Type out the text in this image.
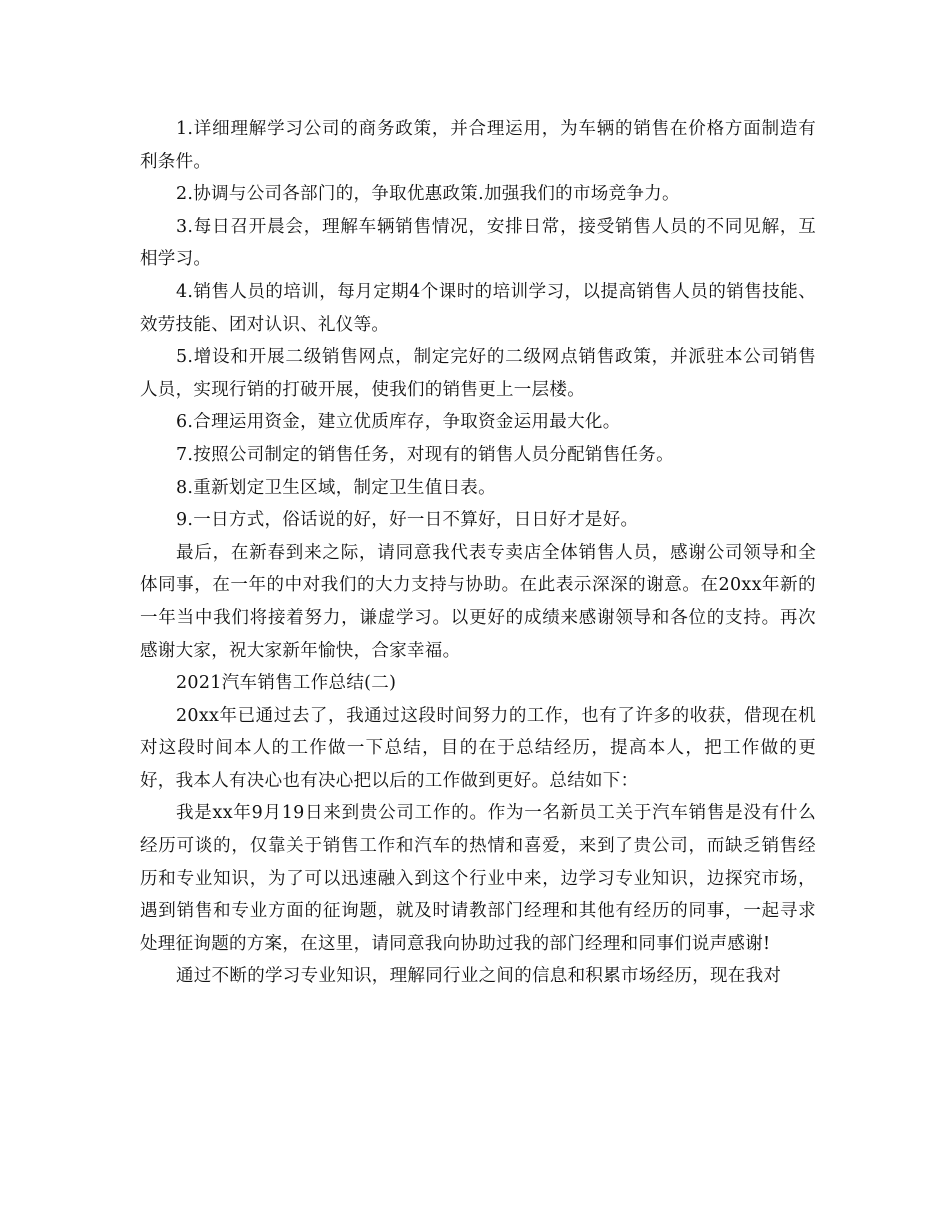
1.详细理解学习公司的商务政策，并合理运用，为车辆的销售在价格方面制造有利条件。

2.协调与公司各部门的，争取优惠政策.加强我们的市场竞争力。

3.每日召开晨会，理解车辆销售情况，安排日常，接受销售人员的不同见解，互相学习。

4.销售人员的培训，每月定期4个课时的培训学习，以提高销售人员的销售技能、效劳技能、团对认识、礼仪等。

5.增设和开展二级销售网点，制定完好的二级网点销售政策，并派驻本公司销售人员，实现行销的打破开展，使我们的销售更上一层楼。

6.合理运用资金，建立优质库存，争取资金运用最大化。

7.按照公司制定的销售任务，对现有的销售人员分配销售任务。

8.重新划定卫生区域，制定卫生值日表。

9.一日方式，俗话说的好，好一日不算好，日日好才是好。

最后，在新春到来之际，请同意我代表专卖店全体销售人员，感谢公司领导和全体同事，在一年的中对我们的大力支持与协助。在此表示深深的谢意。在20xx年新的一年当中我们将接着努力，谦虚学习。以更好的成绩来感谢领导和各位的支持。再次感谢大家，祝大家新年愉快，合家幸福。

2021汽车销售工作总结(二)

20xx年已通过去了，我通过这段时间努力的工作，也有了许多的收获，借现在机对这段时间本人的工作做一下总结，目的在于总结经历，提高本人，把工作做的更好，我本人有决心也有决心把以后的工作做到更好。总结如下：

我是xx年9月19日来到贵公司工作的。作为一名新员工关于汽车销售是没有什么经历可谈的，仅靠关于销售工作和汽车的热情和喜爱，来到了贵公司，而缺乏销售经历和专业知识，为了可以迅速融入到这个行业中来，边学习专业知识，边探究市场，遇到销售和专业方面的征询题，就及时请教部门经理和其他有经历的同事，一起寻求处理征询题的方案，在这里，请同意我向协助过我的部门经理和同事们说声感谢!

通过不断的学习专业知识，理解同行业之间的信息和积累市场经历，现在我对
